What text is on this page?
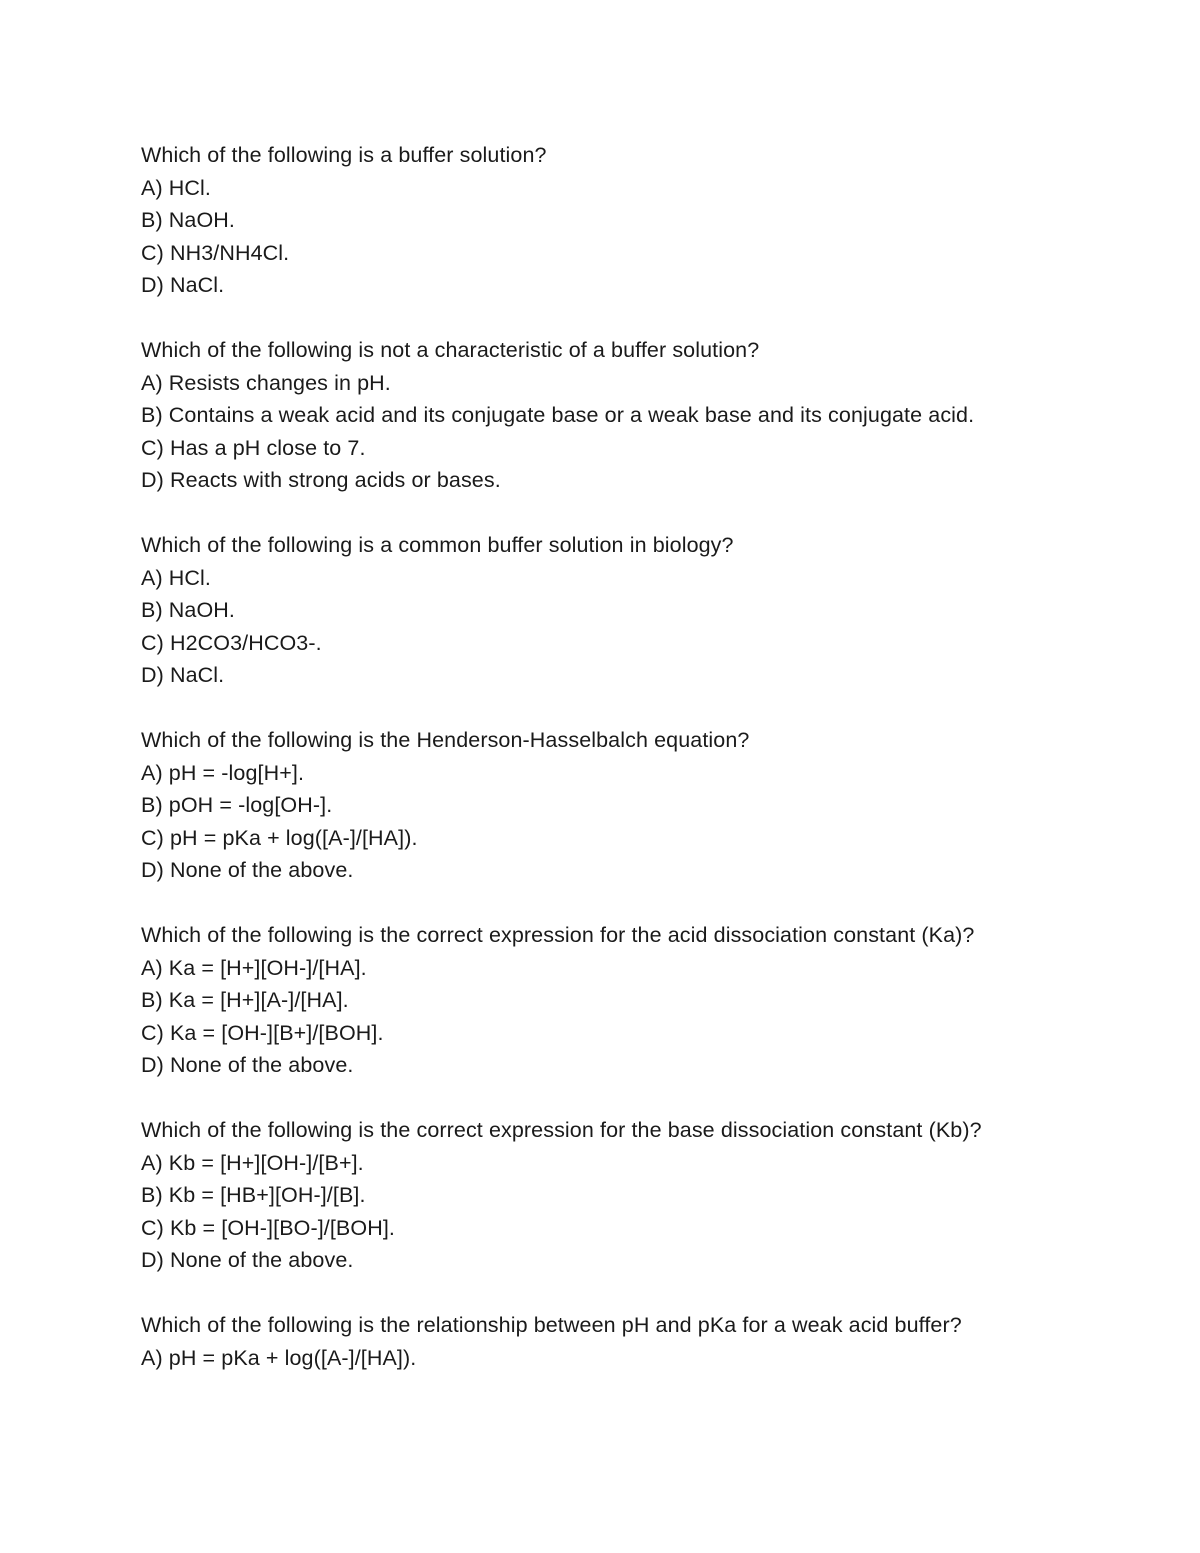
Which of the following is a buffer solution?
A) HCl.
B) NaOH.
C) NH3/NH4Cl.
D) NaCl.
Which of the following is not a characteristic of a buffer solution?
A) Resists changes in pH.
B) Contains a weak acid and its conjugate base or a weak base and its conjugate acid.
C) Has a pH close to 7.
D) Reacts with strong acids or bases.
Which of the following is a common buffer solution in biology?
A) HCl.
B) NaOH.
C) H2CO3/HCO3-.
D) NaCl.
Which of the following is the Henderson-Hasselbalch equation?
A) pH = -log[H+].
B) pOH = -log[OH-].
C) pH = pKa + log([A-]/[HA]).
D) None of the above.
Which of the following is the correct expression for the acid dissociation constant (Ka)?
A) Ka = [H+][OH-]/[HA].
B) Ka = [H+][A-]/[HA].
C) Ka = [OH-][B+]/[BOH].
D) None of the above.
Which of the following is the correct expression for the base dissociation constant (Kb)?
A) Kb = [H+][OH-]/[B+].
B) Kb = [HB+][OH-]/[B].
C) Kb = [OH-][BO-]/[BOH].
D) None of the above.
Which of the following is the relationship between pH and pKa for a weak acid buffer?
A) pH = pKa + log([A-]/[HA]).
